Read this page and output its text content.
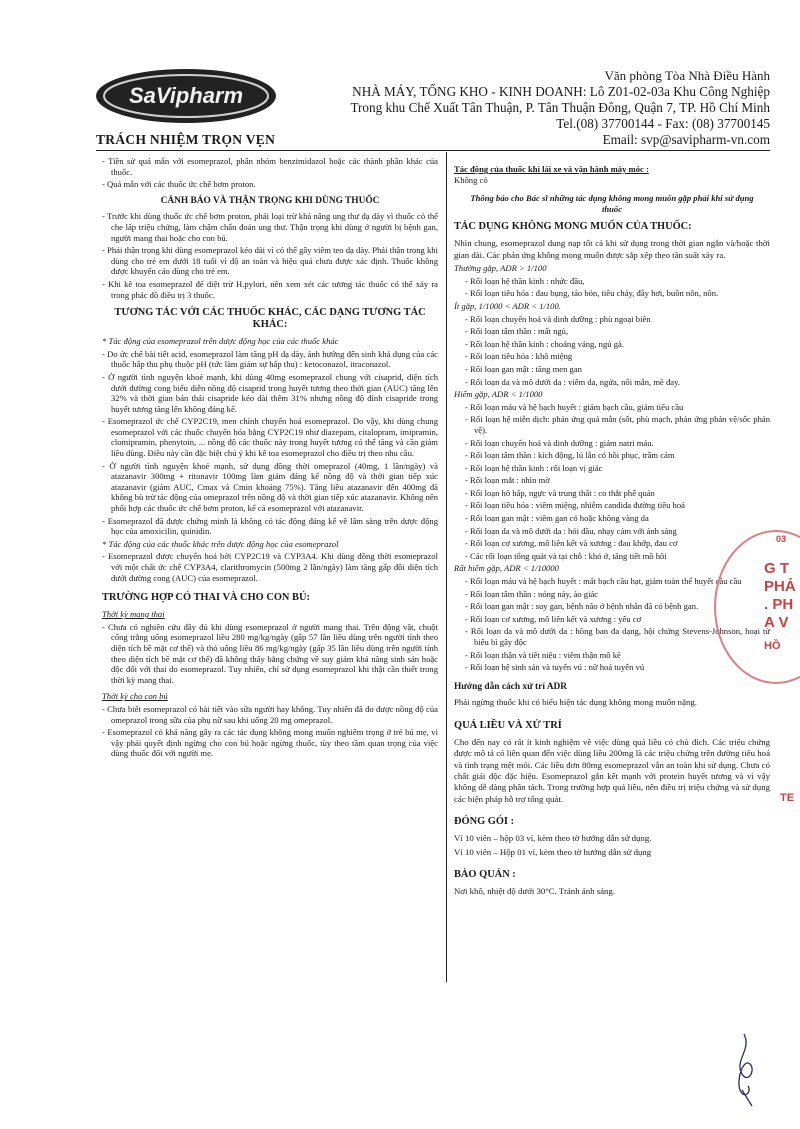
SaVipharm
Văn phòng Tòa Nhà Điều Hành
NHÀ MÁY, TỔNG KHO - KINH DOANH: Lô Z01-02-03a Khu Công Nghiệp
Trong khu Chế Xuất Tân Thuận, P. Tân Thuận Đông, Quận 7, TP. Hồ Chí Minh
Tel.(08) 37700144 - Fax: (08) 37700145
Email: svp@savipharm-vn.com
TRÁCH NHIỆM TRỌN VẸN

- Tiền sử quá mẫn với esomeprazol, phân nhóm benzimidazol hoặc các thành phần khác của thuốc.

- Quá mẫn với các thuốc ức chế bơm proton.

CẢNH BÁO VÀ THẬN TRỌNG KHI DÙNG THUỐC

- Trước khi dùng thuốc ức chế bơm proton, phải loại trừ khả năng ung thư dạ dày vì thuốc có thể che lấp triệu chứng, làm chậm chẩn đoán ung thư. Thận trọng khi dùng ở người bị bệnh gan, người mang thai hoặc cho con bú.

- Phải thận trọng khi dùng esomeprazol kéo dài vì có thể gây viêm teo dạ dày. Phải thận trọng khi dùng cho trẻ em dưới 18 tuổi vì độ an toàn và hiệu quả chưa được xác định. Thuốc không được khuyến cáo dùng cho trẻ em.

- Khi kê toa esomeprazol để diệt trừ H.pylori, nên xem xét các tương tác thuốc có thể xảy ra trong phác đồ điều trị 3 thuốc.

TƯƠNG TÁC VỚI CÁC THUỐC KHÁC, CÁC DẠNG TƯƠNG TÁC KHÁC:

* Tác động của esomeprazol trên dược động học của các thuốc khác

- Do ức chế bài tiết acid, esomeprazol làm tăng pH dạ dày, ảnh hưởng đến sinh khả dụng của các thuốc hấp thu phụ thuộc pH (tức làm giảm sự hấp thu) : ketoconazol, itraconazol.

- Ở người tình nguyện khoẻ mạnh, khi dùng 40mg esomeprazol chung với cisaprid, diện tích dưới đường cong biểu diễn nồng độ cisaprid trong huyết tương theo thời gian (AUC) tăng lên 32% và thời gian bán thải cisapride kéo dài thêm 31% nhưng nồng độ đỉnh cisapride trong huyết tương tăng lên không đáng kể.

- Esomeprazol ức chế CYP2C19, men chính chuyển hoá esomeprazol. Do vậy, khi dùng chung esomeprazol với các thuốc chuyển hóa bằng CYP2C19 như diazepam, citalopram, imipramin, clomipramin, phenytoin, ... nồng độ các thuốc này trong huyết tương có thể tăng và cần giảm liều dùng. Điều này cần đặc biệt chú ý khi kê toa esomeprazol cho điều trị theo nhu cầu.

- Ở người tình nguyện khoẻ mạnh, sử dụng đồng thời omeprazol (40mg, 1 lần/ngày) và atazanavir 300mg + ritonavir 100mg làm giảm đáng kể nồng độ và thời gian tiếp xúc atazanavir (giảm AUC, Cmax và Cmin khoảng 75%). Tăng liều atazanavir đến 400mg đã không bù trừ tác động của omeprazol trên nồng độ và thời gian tiếp xúc atazanavir. Không nên phối hợp các thuốc ức chế bơm proton, kể cả esomeprazol với atazanavir.

- Esomeprazol đã được chứng minh là không có tác động đáng kể về lâm sàng trên dược động học của amoxicilin, quinidin.

* Tác động của các thuốc khác trên dược động học của esomeprazol

- Esomeprazol được chuyển hoá bởi CYP2C19 và CYP3A4. Khi dùng đồng thời esomeprazol với một chất ức chế CYP3A4, clarithromycin (500mg 2 lần/ngày) làm tăng gấp đôi diện tích dưới đường cong (AUC) của esomeprazol.

TRƯỜNG HỢP CÓ THAI VÀ CHO CON BÚ:

Thời kỳ mang thai

- Chưa có nghiên cứu đầy đủ khi dùng esomeprazol ở người mang thai. Trên động vật, chuột cống trắng uống esomeprazol liều 280 mg/kg/ngày (gấp 57 lần liều dùng trên người tính theo diện tích bề mặt cơ thể) và thỏ uống liều 86 mg/kg/ngày (gấp 35 lần liều dùng trên người tính theo diện tích bề mặt cơ thể) đã không thấy bằng chứng về suy giảm khả năng sinh sản hoặc độc đối với thai do esomeprazol. Tuy nhiên, chỉ sử dụng esomeprazol khi thật cần thiết trong thời kỳ mang thai.

Thời kỳ cho con bú

- Chưa biết esomeprazol có bài tiết vào sữa người hay không. Tuy nhiên đã đo được nồng độ của omeprazol trong sữa của phụ nữ sau khi uống 20 mg omeprazol.

- Esomeprazol có khả năng gây ra các tác dụng không mong muốn nghiêm trọng ở trẻ bú mẹ, vì vậy phải quyết định ngừng cho con bú hoặc ngừng thuốc, tùy theo tầm quan trọng của việc dùng thuốc đối với người mẹ.

Tác động của thuốc khi lái xe và vận hành máy móc :

Không có

Thông báo cho Bác sĩ những tác dụng không mong muốn gặp phải khi sử dụng thuốc

TÁC DỤNG KHÔNG MONG MUỐN CỦA THUỐC:

Nhìn chung, esomeprazol dung nạp tốt cả khi sử dụng trong thời gian ngắn và/hoặc thời gian dài. Các phản ứng không mong muốn được sắp xếp theo tần suất xảy ra.

Thường gặp, ADR > 1/100

- Rối loạn hệ thần kinh : nhức đầu,

- Rối loạn tiêu hóa : đau bụng, táo bón, tiêu chảy, đầy hơi, buồn nôn, nôn.

Ít gặp, 1/1000 < ADR < 1/100.

- Rối loạn chuyển hoá và dinh dưỡng : phù ngoại biên

- Rối loạn tâm thần : mất ngủ,

- Rối loạn hệ thần kinh : choáng váng, ngủ gà.

- Rối loạn tiêu hóa : khô miệng

- Rối loạn gan mật : tăng men gan

- Rối loạn da và mô dưới da : viêm da, ngứa, nổi mẫn, mề đay.

Hiếm gặp, ADR < 1/1000

- Rối loạn máu và hệ bạch huyết : giảm bạch cầu, giảm tiểu cầu

- Rối loạn hệ miễn dịch: phản ứng quá mẫn (sốt, phù mạch, phản ứng phản vệ/sốc phản vệ).

- Rối loạn chuyển hoá và dinh dưỡng : giảm natri máu.

- Rối loạn tâm thần : kích động, lú lẫn có hồi phục, trầm cảm

- Rối loạn hệ thần kinh : rối loạn vị giác

- Rối loạn mắt : nhìn mờ

- Rối loạn hô hấp, ngực và trung thất : co thắt phế quản

- Rối loạn tiêu hóa : viêm miệng, nhiễm candida đường tiêu hoá

- Rối loạn gan mật : viêm gan có hoặc không vàng da

- Rối loạn da và mô dưới da : hói đầu, nhạy cảm với ánh sáng

- Rối loạn cơ xương, mô liên kết và xương : đau khớp, đau cơ

- Các rối loạn tổng quát và tại chỗ : khó ở, tăng tiết mồ hôi

Rất hiếm gặp, ADR < 1/10000

- Rối loạn máu và hệ bạch huyết : mất bạch cầu hạt, giảm toàn thể huyết cầu cầu

- Rối loạn tâm thần : nóng nảy, ảo giác

- Rối loạn gan mật : suy gan, bệnh não ở bệnh nhân đã có bệnh gan.

- Rối loạn cơ xương, mô liên kết và xương : yếu cơ

- Rối loạn da và mô dưới da : hồng ban đa dạng, hội chứng Stevens-Johnson, hoại tử biểu bì gây độc

- Rối loạn thận và tiết niệu : viêm thận mô kẽ

- Rối loạn hệ sinh sản và tuyến vú : nữ hoá tuyến vú

Hướng dẫn cách xử trí ADR

Phải ngừng thuốc khi có biểu hiện tác dụng không mong muốn nặng.

QUÁ LIỀU VÀ XỬ TRÍ

Cho đến nay có rất ít kinh nghiệm về việc dùng quá liều có chủ đích. Các triệu chứng được mô tả có liên quan đến việc dùng liều 200mg là các triệu chứng trên đường tiêu hoá và tình trạng mệt mỏi. Các liều đơn 80mg esomeprazol vẫn an toàn khi sử dụng. Chưa có chất giải độc đặc hiệu. Esomeprazol gắn kết mạnh với protein huyết tương và vì vậy không dễ dàng phân tách. Trong trường hợp quá liều, nên điều trị triệu chứng và sử dụng các biện pháp hỗ trợ tổng quát.

ĐÓNG GÓI :

Vỉ 10 viên – hộp 03 vỉ, kèm theo tờ hướng dẫn sử dụng.

Vỉ 10 viên – Hộp 01 vỉ, kèm theo tờ hướng dẫn sử dụng

BẢO QUẢN :

Nơi khô, nhiệt độ dưới 30°C. Tránh ánh sáng.

03
G T
PHẢ
. PH
A V
HỒ
TE
